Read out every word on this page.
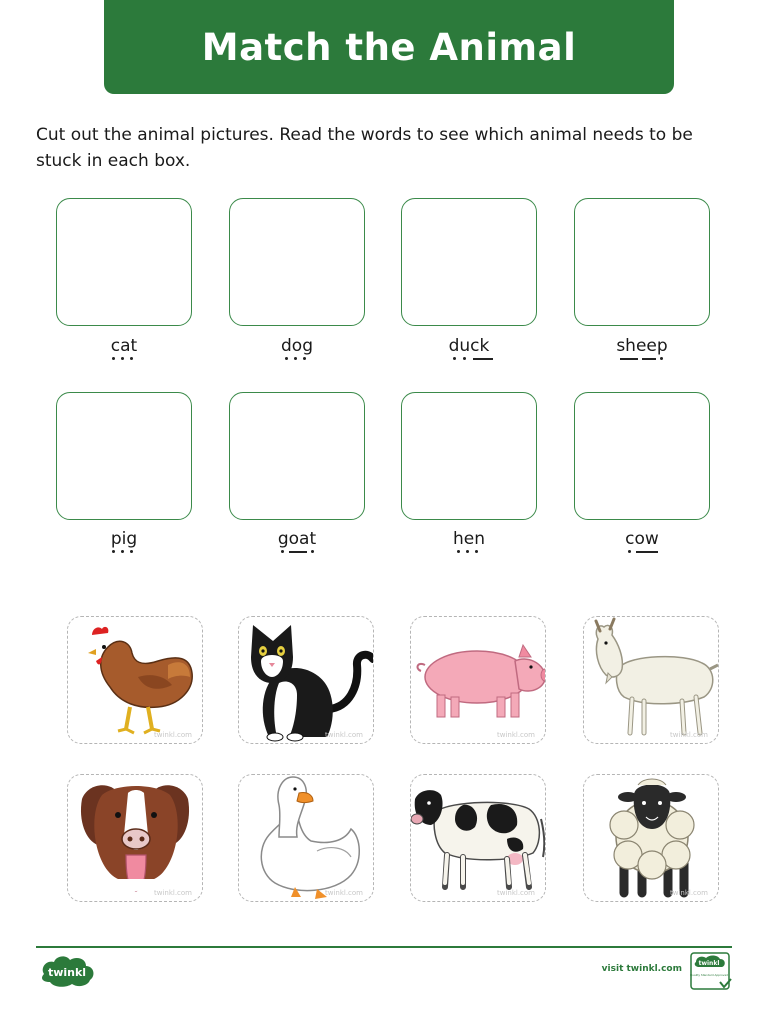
Match the Animal

Cut out the animal pictures. Read the words to see which animal needs to be stuck in each box.

cat	dog	duck	sheep
pig	goat	hen	cow
twinkl.com	twinkl.com	twinkl.com	twinkl.com
twinkl.com	twinkl.com	twinkl.com	twinkl.com
twinkl	visit twinkl.com
twinkl
Quality Standard Approved
